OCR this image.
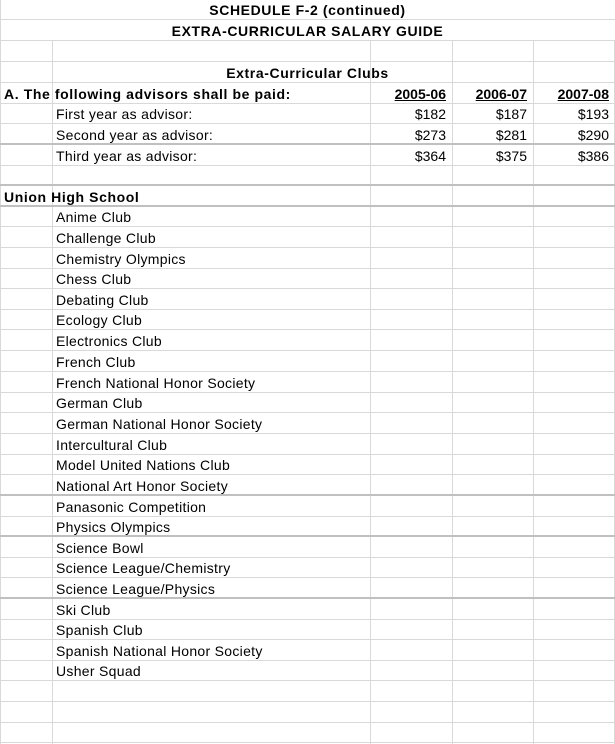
SCHEDULE F-2 (continued)
EXTRA-CURRICULAR SALARY GUIDE
Extra-Curricular Clubs
A. The following advisors shall be paid:	2005-06	2006-07	2007-08
First year as advisor:	$182	$187	$193
Second year as advisor:	$273	$281	$290
Third year as advisor:	$364	$375	$386
Union High School
Anime Club
Challenge Club
Chemistry Olympics
Chess Club
Debating Club
Ecology Club
Electronics Club
French Club
French National Honor Society
German Club
German National Honor Society
Intercultural Club
Model United Nations Club
National Art Honor Society
Panasonic Competition
Physics Olympics
Science Bowl
Science League/Chemistry
Science League/Physics
Ski Club
Spanish Club
Spanish National Honor Society
Usher Squad
